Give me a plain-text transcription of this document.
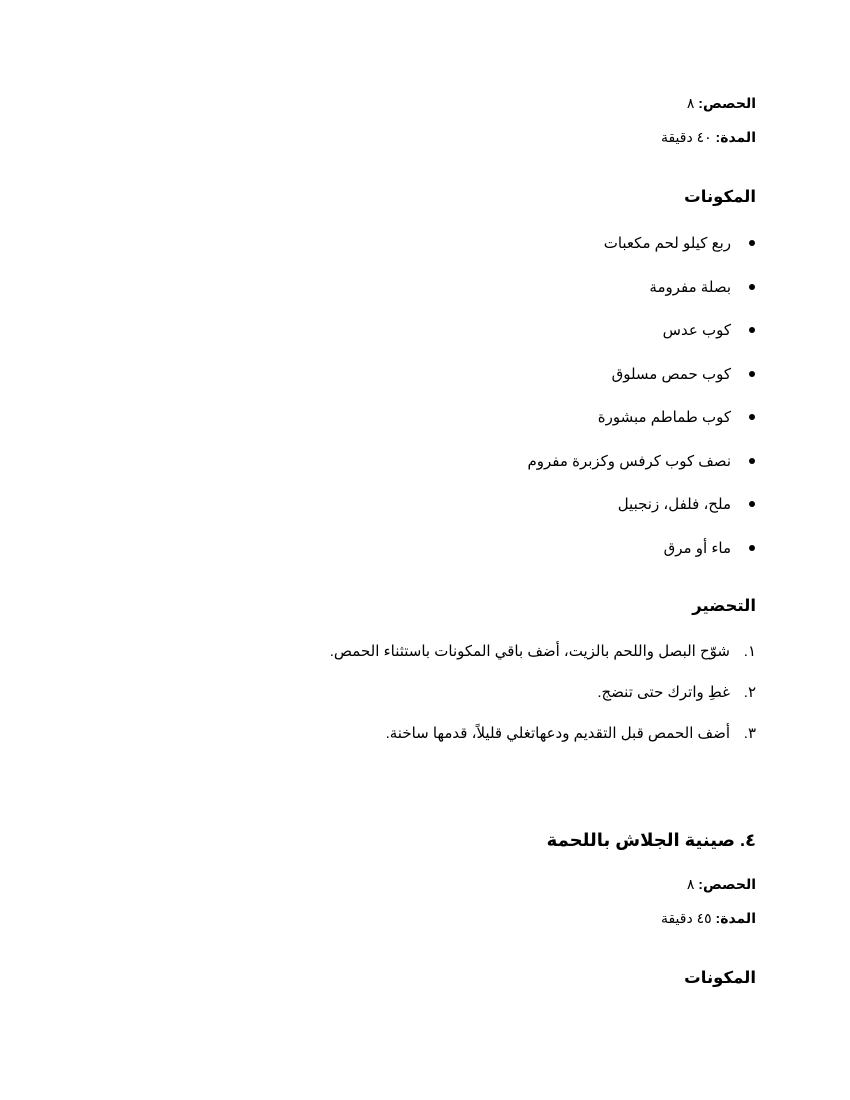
الحصص: ٨
المدة: ٤٠ دقيقة
المكونات
ربع كيلو لحم مكعبات
بصلة مفرومة
كوب عدس
كوب حمص مسلوق
كوب طماطم مبشورة
نصف كوب كرفس وكزبرة مفروم
ملح، فلفل، زنجبيل
ماء أو مرق
التحضير
١.
شوّح البصل واللحم بالزيت، أضف باقي المكونات باستثناء الحمص.
٢.
غطِ واترك حتى تنضج.
٣.
أضف الحمص قبل التقديم ودعهاتغلي قليلاً، قدمها ساخنة.
٤. صينية الجلاش باللحمة
الحصص: ٨
المدة: ٤٥ دقيقة
المكونات
